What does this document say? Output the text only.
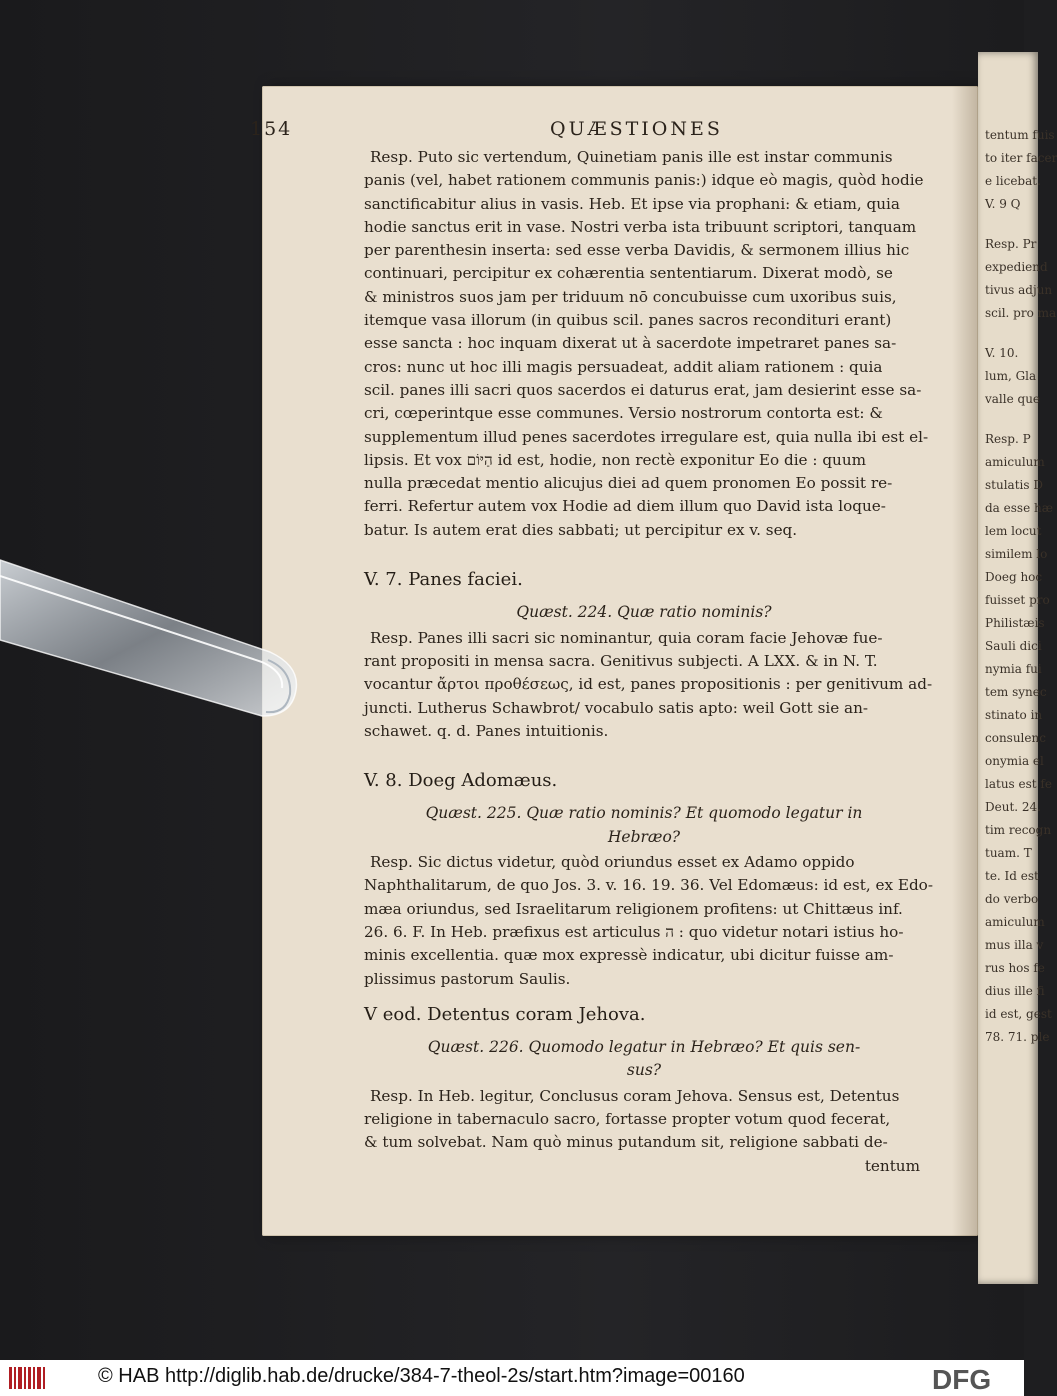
tentum fuis
to iter facer
e licebat.
V. 9 Q
Resp. Pr
expediend
tivus adjun
scil. pro ma
V. 10.
lum, Gla
valle que
Resp. P
amiculum
stulatis D
da esse hæ
lem locut
similem lo
Doeg hoc
fuisset pro
Philistæis
Sauli dici
nymia fui
tem synec
stinato in
consulenc
onymia el
latus est fe
Deut. 24.
tim recogn
tuam. T
te. Id est
do verbo
amiculum
mus illa v
rus hos fe
dius ille fi
id est, gest
78. 71. ple
154	QUÆSTIONES

Resp. Puto sic vertendum, Quinetiam panis ille est instar communis

panis (vel, habet rationem communis panis:) idque eò magis, quòd hodie

sanctificabitur alius in vasis. Heb. Et ipse via prophani: & etiam, quia

hodie sanctus erit in vase. Nostri verba ista tribuunt scriptori, tanquam

per parenthesin inserta: sed esse verba Davidis, & sermonem illius hic

continuari, percipitur ex cohærentia sententiarum. Dixerat modò, se

& ministros suos jam per triduum nō concubuisse cum uxoribus suis,

itemque vasa illorum (in quibus scil. panes sacros reconditurі erant)

esse sancta : hoc inquam dixerat ut à sacerdote impetraret panes sa-

cros: nunc ut hoc illi magis persuadeat, addit aliam rationem : quia

scil. panes illi sacri quos sacerdos ei daturus erat, jam desierint esse sa-

cri, cœperintque esse communes. Versio nostrorum contorta est: &

supplementum illud penes sacerdotes irregulare est, quia nulla ibi est el-

lipsis. Et vox הַיּוֹם id est, hodie, non rectè exponitur Eo die : quum

nulla præcedat mentio alicujus diei ad quem pronomen Eo possit re-

ferri. Refertur autem vox Hodie ad diem illum quo David ista loque-

batur. Is autem erat dies sabbati; ut percipitur ex v. seq.

V. 7. Panes faciei.

Quæst. 224. Quæ ratio nominis?

Resp. Panes illi sacri sic nominantur, quia coram facie Jehovæ fue-

rant propositi in mensa sacra. Genitivus subjecti. A LXX. & in N. T.

vocantur ἄρτοι προθέσεως, id est, panes propositionis : per genitivum ad-

juncti. Lutherus Schawbrot/ vocabulo satis apto: weil Gott sie an-

schawet. q. d. Panes intuitionis.

V. 8. Doeg Adomæus.

Quæst. 225. Quæ ratio nominis? Et quomodo legatur in

Hebræo?

Resp. Sic dictus videtur, quòd oriundus esset ex Adamo oppido

Naphthalitarum, de quo Jos. 3. v. 16. 19. 36. Vel Edomæus: id est, ex Edo-

mæa oriundus, sed Israelitarum religionem profitens: ut Chittæus inf.

26. 6. F. In Heb. præfixus est articulus ה : quo videtur notari istius ho-

minis excellentia. quæ mox expressè indicatur, ubi dicitur fuisse am-

plissimus pastorum Saulis.

V eod. Detentus coram Jehova.

Quæst. 226. Quomodo legatur in Hebræo? Et quis sen-

sus?

Resp. In Heb. legitur, Conclusus coram Jehova. Sensus est, Detentus

religione in tabernaculo sacro, fortasse propter votum quod fecerat,

& tum solvebat. Nam quò minus putandum sit, religione sabbati de-

tentum

© HAB http://diglib.hab.de/drucke/384-7-theol-2s/start.htm?image=00160	DFG
